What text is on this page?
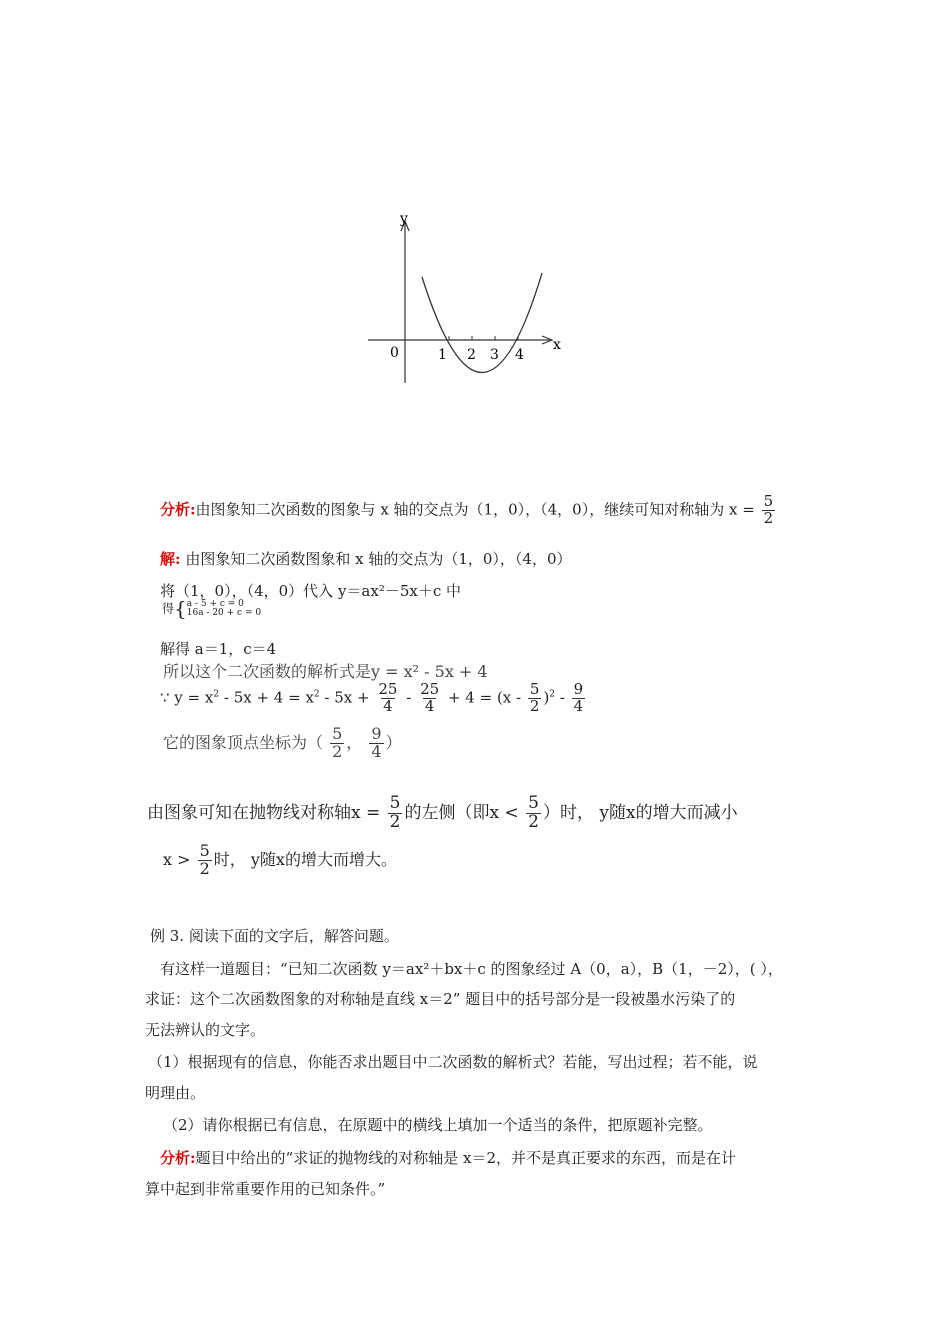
y
x
0	1 2 3 4
分析:由图象知二次函数的图象与 x 轴的交点为（1，0），（4，0），继续可知对称轴为 $x = \frac{5}{2}$
解: 由图象知二次函数图象和 x 轴的交点为（1，0），（4，0）
将（1，0），（4，0）代入 y＝ax²－5x＋c 中
得{ a - 5 + c = 0
16a - 20 + c = 0
解得 a＝1，c＝4
所以这个二次函数的解析式是y = x² - 5x + 4
∵ $y = x^2 - 5x + 4 = x^2 - 5x + \frac{25}{4} - \frac{25}{4} + 4 = (x - \frac{5}{2} )^2 - \frac{9}{4}$
它的图象顶点坐标为（ $\frac{5}{2}$ ， $\frac{9}{4}$ ）
由图象可知在抛物线对称轴$x = \frac{5}{2}$ 的左侧（即$x < \frac{5}{2}$ ）时， y随x的增大而减小
$x > \frac{5}{2}$ 时， y随x的增大而增大。
例 3. 阅读下面的文字后，解答问题。
有这样一道题目：“已知二次函数 y＝ax²＋bx＋c 的图象经过 A（0，a），B（1，－2），( ），
求证：这个二次函数图象的对称轴是直线 x＝2” 题目中的括号部分是一段被墨水污染了的
无法辨认的文字。
（1）根据现有的信息，你能否求出题目中二次函数的解析式？若能，写出过程；若不能，说
明理由。
（2）请你根据已有信息，在原题中的横线上填加一个适当的条件，把原题补完整。
分析:题目中给出的“求证的抛物线的对称轴是 x＝2，并不是真正要求的东西，而是在计
算中起到非常重要作用的已知条件。”
